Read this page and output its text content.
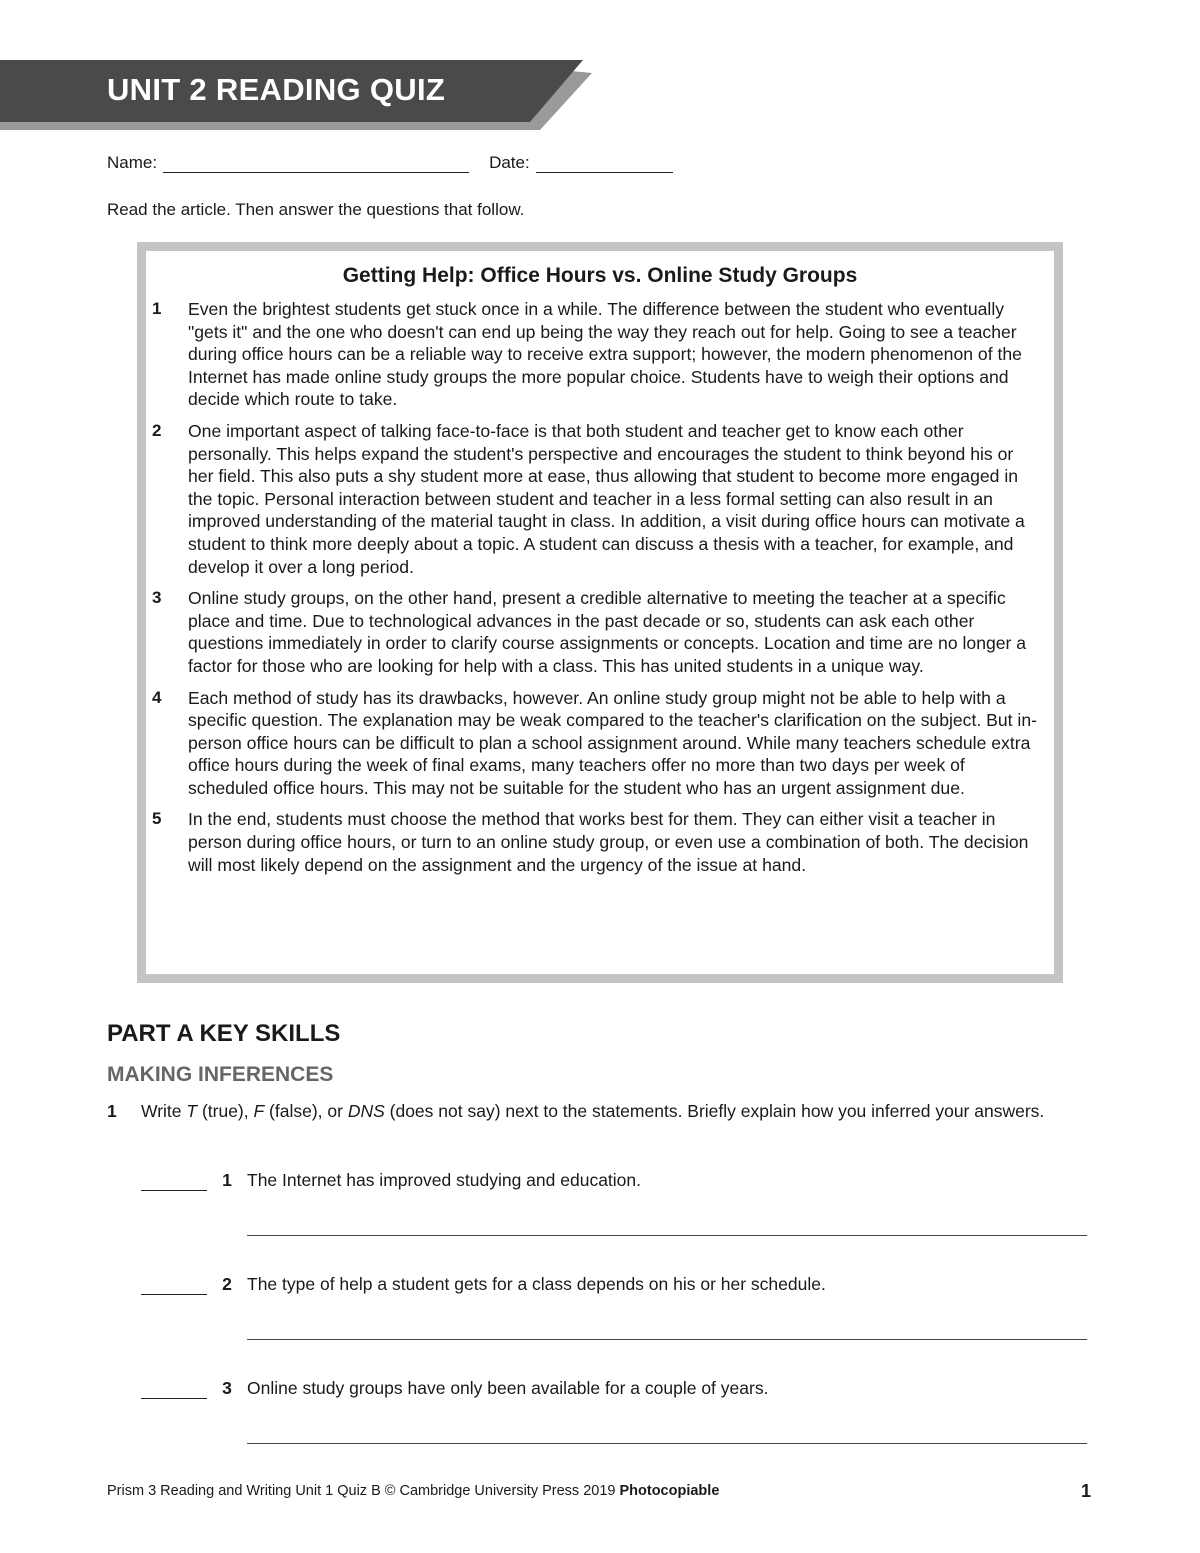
UNIT 2 READING QUIZ
Name:	Date:
Read the article. Then answer the questions that follow.
Getting Help: Office Hours vs. Online Study Groups
1	Even the brightest students get stuck once in a while. The difference between the student who eventually "gets it" and the one who doesn't can end up being the way they reach out for help. Going to see a teacher during office hours can be a reliable way to receive extra support; however, the modern phenomenon of the Internet has made online study groups the more popular choice. Students have to weigh their options and decide which route to take.
2	One important aspect of talking face-to-face is that both student and teacher get to know each other personally. This helps expand the student's perspective and encourages the student to think beyond his or her field. This also puts a shy student more at ease, thus allowing that student to become more engaged in the topic. Personal interaction between student and teacher in a less formal setting can also result in an improved understanding of the material taught in class. In addition, a visit during office hours can motivate a student to think more deeply about a topic. A student can discuss a thesis with a teacher, for example, and develop it over a long period.
3	Online study groups, on the other hand, present a credible alternative to meeting the teacher at a specific place and time. Due to technological advances in the past decade or so, students can ask each other questions immediately in order to clarify course assignments or concepts. Location and time are no longer a factor for those who are looking for help with a class. This has united students in a unique way.
4	Each method of study has its drawbacks, however. An online study group might not be able to help with a specific question. The explanation may be weak compared to the teacher's clarification on the subject. But in-person office hours can be difficult to plan a school assignment around. While many teachers schedule extra office hours during the week of final exams, many teachers offer no more than two days per week of scheduled office hours. This may not be suitable for the student who has an urgent assignment due.
5	In the end, students must choose the method that works best for them. They can either visit a teacher in person during office hours, or turn to an online study group, or even use a combination of both. The decision will most likely depend on the assignment and the urgency of the issue at hand.
PART A KEY SKILLS
MAKING INFERENCES
1	Write T (true), F (false), or DNS (does not say) next to the statements. Briefly explain how you inferred your answers.
1 The Internet has improved studying and education.
2 The type of help a student gets for a class depends on his or her schedule.
3 Online study groups have only been available for a couple of years.
Prism 3 Reading and Writing Unit 1 Quiz B © Cambridge University Press 2019 Photocopiable	1
